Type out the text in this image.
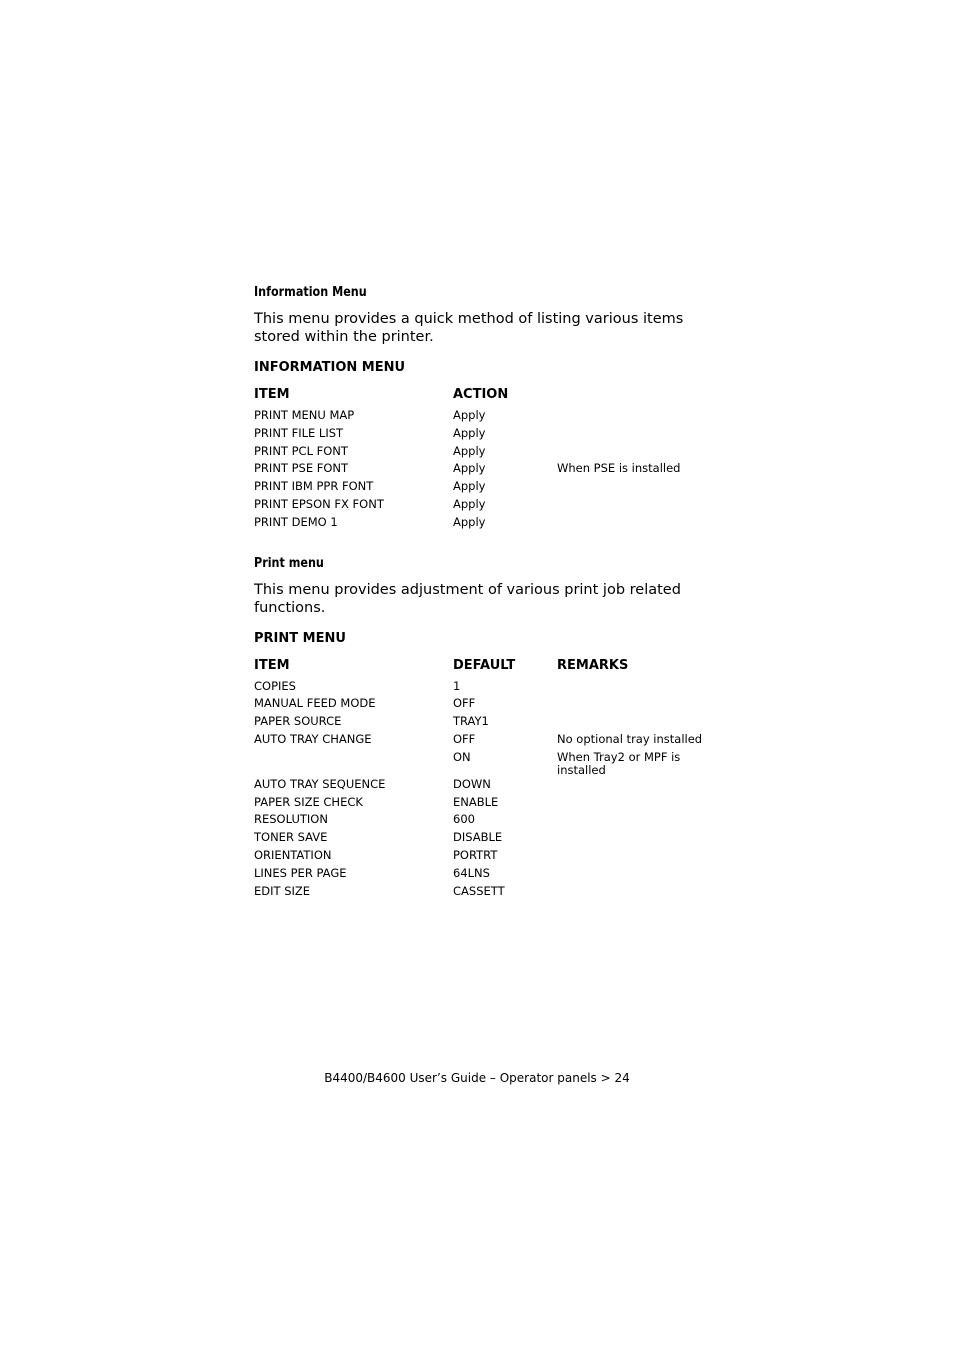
Information Menu

This menu provides a quick method of listing various items stored within the printer.

INFORMATION MENU
ITEM	ACTION	
PRINT MENU MAP	Apply	
PRINT FILE LIST	Apply	
PRINT PCL FONT	Apply	
PRINT PSE FONT	Apply	When PSE is installed
PRINT IBM PPR FONT	Apply	
PRINT EPSON FX FONT	Apply	
PRINT DEMO 1	Apply	
Print menu

This menu provides adjustment of various print job related functions.

PRINT MENU
ITEM	DEFAULT	REMARKS
COPIES	1	
MANUAL FEED MODE	OFF	
PAPER SOURCE	TRAY1	
AUTO TRAY CHANGE	OFF	No optional tray installed
	ON	When Tray2 or MPF is installed
AUTO TRAY SEQUENCE	DOWN	
PAPER SIZE CHECK	ENABLE	
RESOLUTION	600	
TONER SAVE	DISABLE	
ORIENTATION	PORTRT	
LINES PER PAGE	64LNS	
EDIT SIZE	CASSETT	
B4400/B4600 User’s Guide – Operator panels > 24
